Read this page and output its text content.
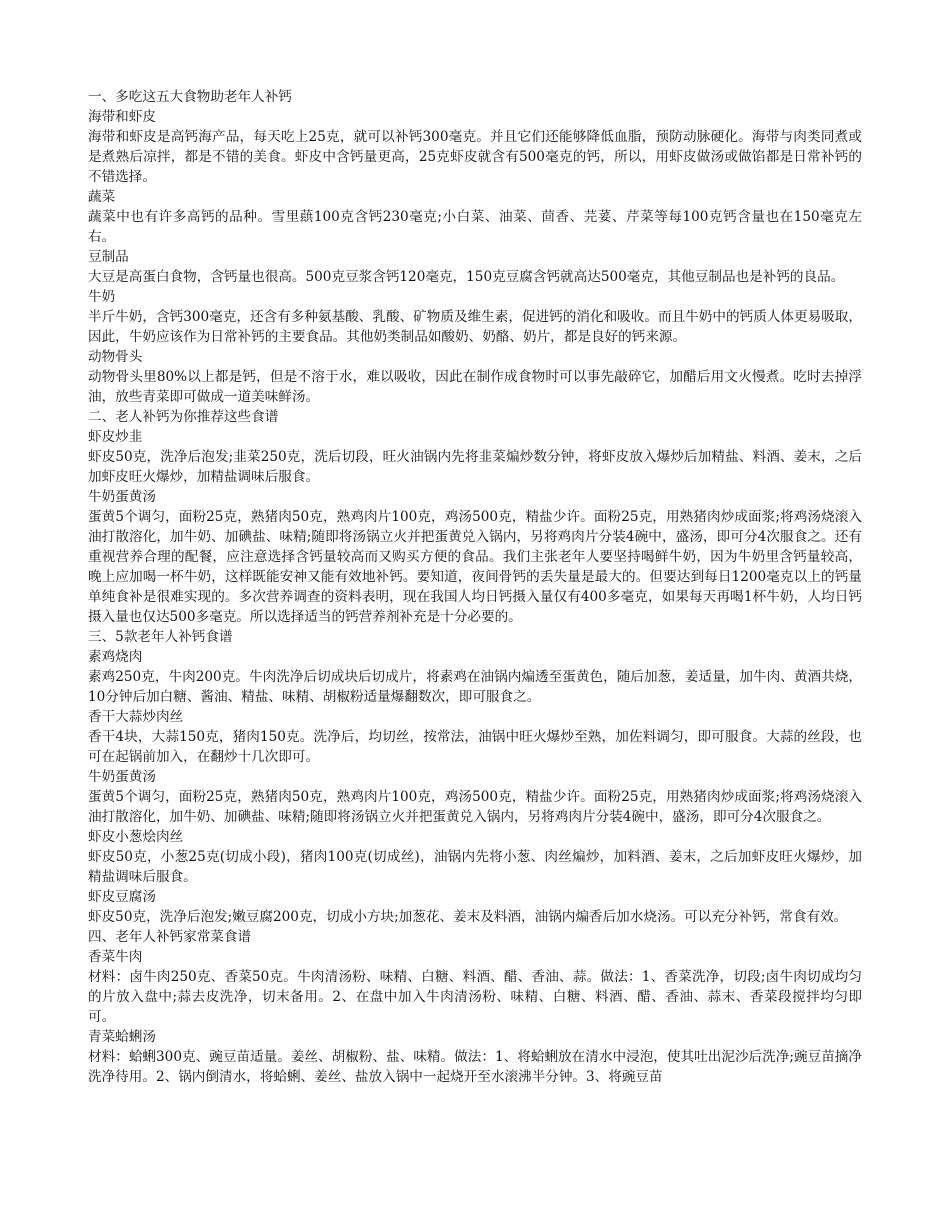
一、多吃这五大食物助老年人补钙
海带和虾皮
海带和虾皮是高钙海产品，每天吃上25克，就可以补钙300毫克。并且它们还能够降低血脂，预防动脉硬化。海带与肉类同煮或是煮熟后凉拌，都是不错的美食。虾皮中含钙量更高，25克虾皮就含有500毫克的钙，所以，用虾皮做汤或做馅都是日常补钙的不错选择。
蔬菜
蔬菜中也有许多高钙的品种。雪里蕻100克含钙230毫克;小白菜、油菜、茴香、芫荽、芹菜等每100克钙含量也在150毫克左右。
豆制品
大豆是高蛋白食物，含钙量也很高。500克豆浆含钙120毫克，150克豆腐含钙就高达500毫克，其他豆制品也是补钙的良品。
牛奶
半斤牛奶，含钙300毫克，还含有多种氨基酸、乳酸、矿物质及维生素，促进钙的消化和吸收。而且牛奶中的钙质人体更易吸取，因此，牛奶应该作为日常补钙的主要食品。其他奶类制品如酸奶、奶酪、奶片，都是良好的钙来源。
动物骨头
动物骨头里80%以上都是钙，但是不溶于水，难以吸收，因此在制作成食物时可以事先敲碎它，加醋后用文火慢煮。吃时去掉浮油，放些青菜即可做成一道美味鲜汤。
二、老人补钙为你推荐这些食谱
虾皮炒韭
虾皮50克，洗净后泡发;韭菜250克，洗后切段，旺火油锅内先将韭菜煸炒数分钟，将虾皮放入爆炒后加精盐、料酒、姜末，之后加虾皮旺火爆炒，加精盐调味后服食。
牛奶蛋黄汤
蛋黄5个调匀，面粉25克，熟猪肉50克，熟鸡肉片100克，鸡汤500克，精盐少许。面粉25克，用熟猪肉炒成面浆;将鸡汤烧滚入油打散溶化，加牛奶、加碘盐、味精;随即将汤锅立火并把蛋黄兑入锅内，另将鸡肉片分装4碗中，盛汤，即可分4次服食之。还有重视营养合理的配餐，应注意选择含钙量较高而又购买方便的食品。我们主张老年人要坚持喝鲜牛奶，因为牛奶里含钙量较高，晚上应加喝一杯牛奶，这样既能安神又能有效地补钙。要知道，夜间骨钙的丢失量是最大的。但要达到每日1200毫克以上的钙量单纯食补是很难实现的。多次营养调查的资料表明，现在我国人均日钙摄入量仅有400多毫克，如果每天再喝1杯牛奶，人均日钙摄入量也仅达500多毫克。所以选择适当的钙营养剂补充是十分必要的。
三、5款老年人补钙食谱
素鸡烧肉
素鸡250克，牛肉200克。牛肉洗净后切成块后切成片，将素鸡在油锅内煸透至蛋黄色，随后加葱，姜适量，加牛肉、黄酒共烧，10分钟后加白糖、酱油、精盐、味精、胡椒粉适量爆翻数次，即可服食之。
香干大蒜炒肉丝
香干4块，大蒜150克，猪肉150克。洗净后，均切丝，按常法，油锅中旺火爆炒至熟，加佐料调匀，即可服食。大蒜的丝段，也可在起锅前加入，在翻炒十几次即可。
牛奶蛋黄汤
蛋黄5个调匀，面粉25克，熟猪肉50克，熟鸡肉片100克，鸡汤500克，精盐少许。面粉25克，用熟猪肉炒成面浆;将鸡汤烧滚入油打散溶化，加牛奶、加碘盐、味精;随即将汤锅立火并把蛋黄兑入锅内，另将鸡肉片分装4碗中，盛汤，即可分4次服食之。
虾皮小葱烩肉丝
虾皮50克，小葱25克(切成小段)，猪肉100克(切成丝)，油锅内先将小葱、肉丝煸炒，加料酒、姜末，之后加虾皮旺火爆炒，加精盐调味后服食。
虾皮豆腐汤
虾皮50克，洗净后泡发;嫩豆腐200克，切成小方块;加葱花、姜末及料酒，油锅内煸香后加水烧汤。可以充分补钙，常食有效。
四、老年人补钙家常菜食谱
香菜牛肉
材料：卤牛肉250克、香菜50克。牛肉清汤粉、味精、白糖、料酒、醋、香油、蒜。做法：1、香菜洗净，切段;卤牛肉切成均匀的片放入盘中;蒜去皮洗净，切末备用。2、在盘中加入牛肉清汤粉、味精、白糖、料酒、醋、香油、蒜末、香菜段搅拌均匀即可。
青菜蛤蜊汤
材料：蛤蜊300克、豌豆苗适量。姜丝、胡椒粉、盐、味精。做法：1、将蛤蜊放在清水中浸泡，使其吐出泥沙后洗净;豌豆苗摘净洗净待用。2、锅内倒清水，将蛤蜊、姜丝、盐放入锅中一起烧开至水滚沸半分钟。3、将豌豆苗
